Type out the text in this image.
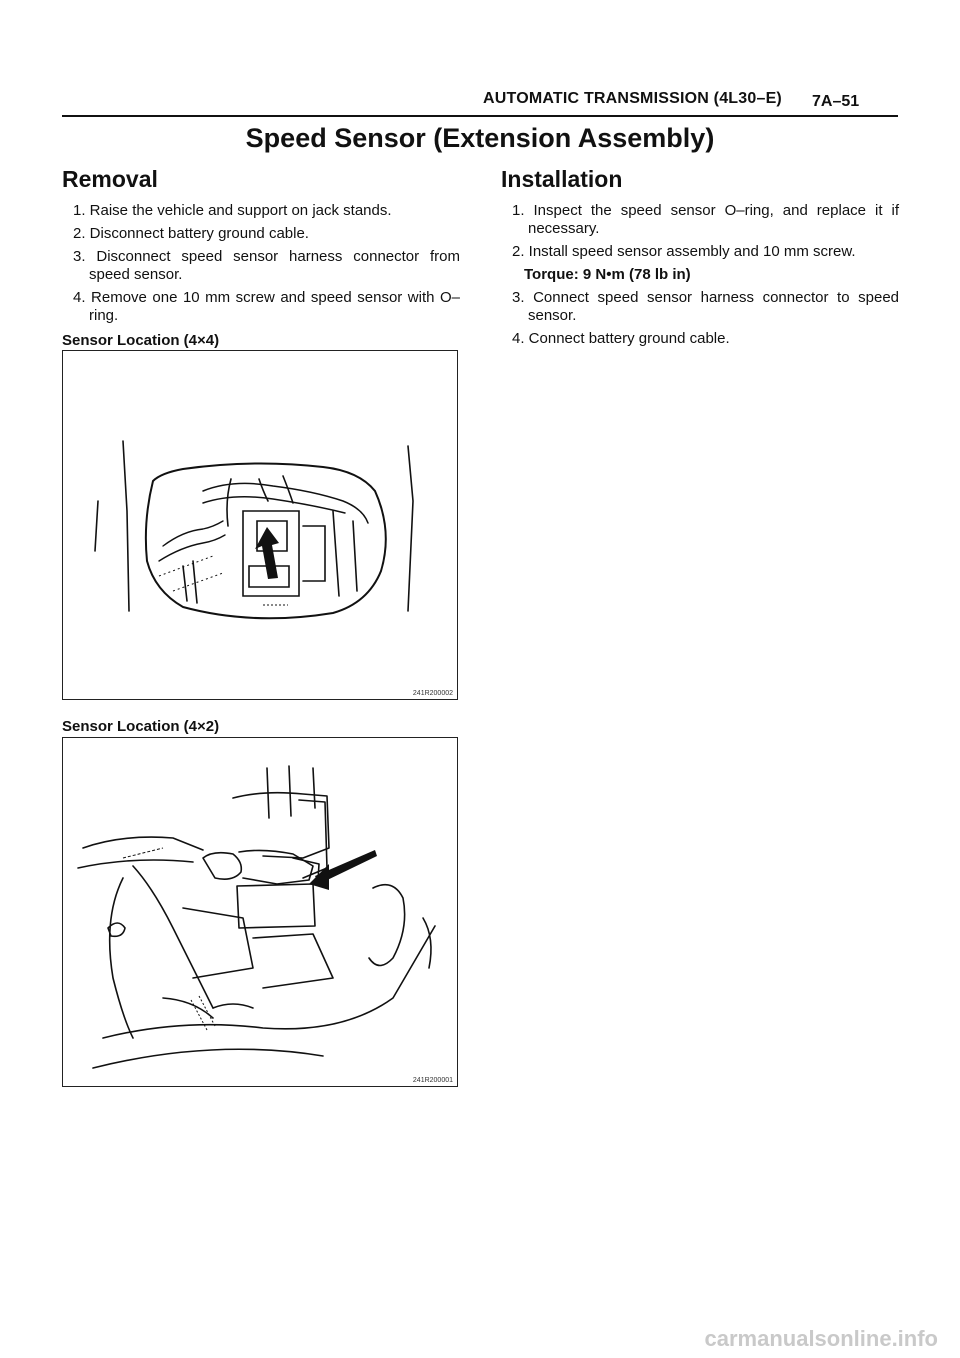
AUTOMATIC TRANSMISSION (4L30–E) 7A–51
Speed Sensor (Extension Assembly)
Removal
1. Raise the vehicle and support on jack stands.
2. Disconnect battery ground cable.
3. Disconnect speed sensor harness connector from speed sensor.
4. Remove one 10 mm screw and speed sensor with O–ring.
Sensor Location (4×4)
241R200002
Sensor Location (4×2)
241R200001
Installation
1. Inspect the speed sensor O–ring, and replace it if necessary.
2. Install speed sensor assembly and 10 mm screw.
Torque: 9 N•m (78 lb in)
3. Connect speed sensor harness connector to speed sensor.
4. Connect battery ground cable.
carmanualsonline.info
